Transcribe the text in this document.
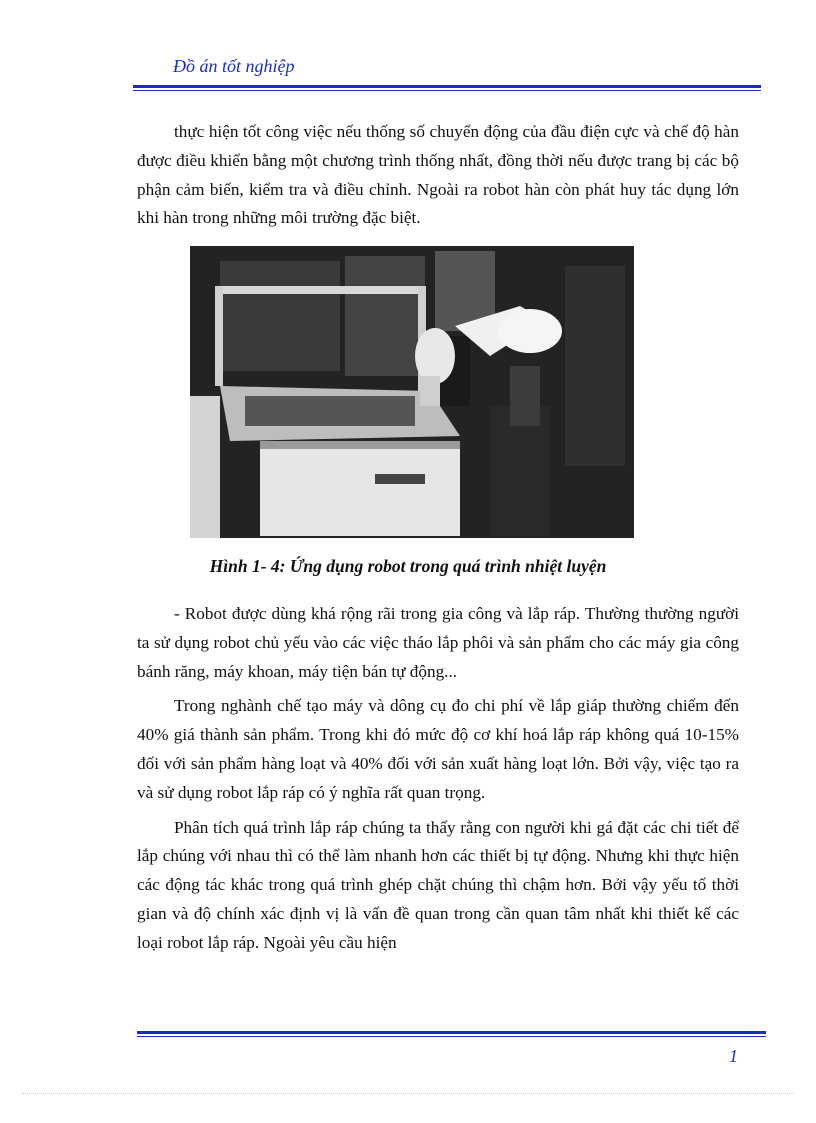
Đồ án tốt nghiệp

thực hiện tốt công việc nếu thống số chuyển động của đầu điện cực và chế độ hàn được điều khiển bằng một chương trình thống nhất, đồng thời nếu được trang bị các bộ phận cảm biến, kiểm tra và điều chỉnh. Ngoài ra robot hàn còn phát huy tác dụng lớn khi hàn trong những môi trường đặc biệt.

Hình 1- 4: Ứng dụng robot trong quá trình nhiệt luyện

- Robot được dùng khá rộng rãi trong gia công và lắp ráp. Thường thường người ta sử dụng robot chủ yếu vào các việc tháo lắp phôi và sản phẩm cho các máy gia công bánh răng, máy khoan, máy tiện bán tự động...

Trong nghành chế tạo máy và dông cụ đo chi phí về lắp giáp thường chiếm đến 40% giá thành sản phẩm. Trong khi đó mức độ cơ khí hoá lắp ráp không quá 10-15% đối với sản phẩm hàng loạt và 40% đối với sản xuất hàng loạt lớn. Bởi vậy, việc tạo ra và sử dụng robot lắp ráp có ý nghĩa rất quan trọng.

Phân tích quá trình lắp ráp chúng ta thấy rằng con người khi gá đặt các chi tiết để lắp chúng với nhau thì có thể làm nhanh hơn các thiết bị tự động. Nhưng khi thực hiện các động tác khác trong quá trình ghép chặt chúng thì chậm hơn. Bởi vậy yếu tố thời gian và độ chính xác định vị là vấn đề quan trong cần quan tâm nhất khi thiết kế các loại robot lắp ráp. Ngoài yêu cầu hiện

1
